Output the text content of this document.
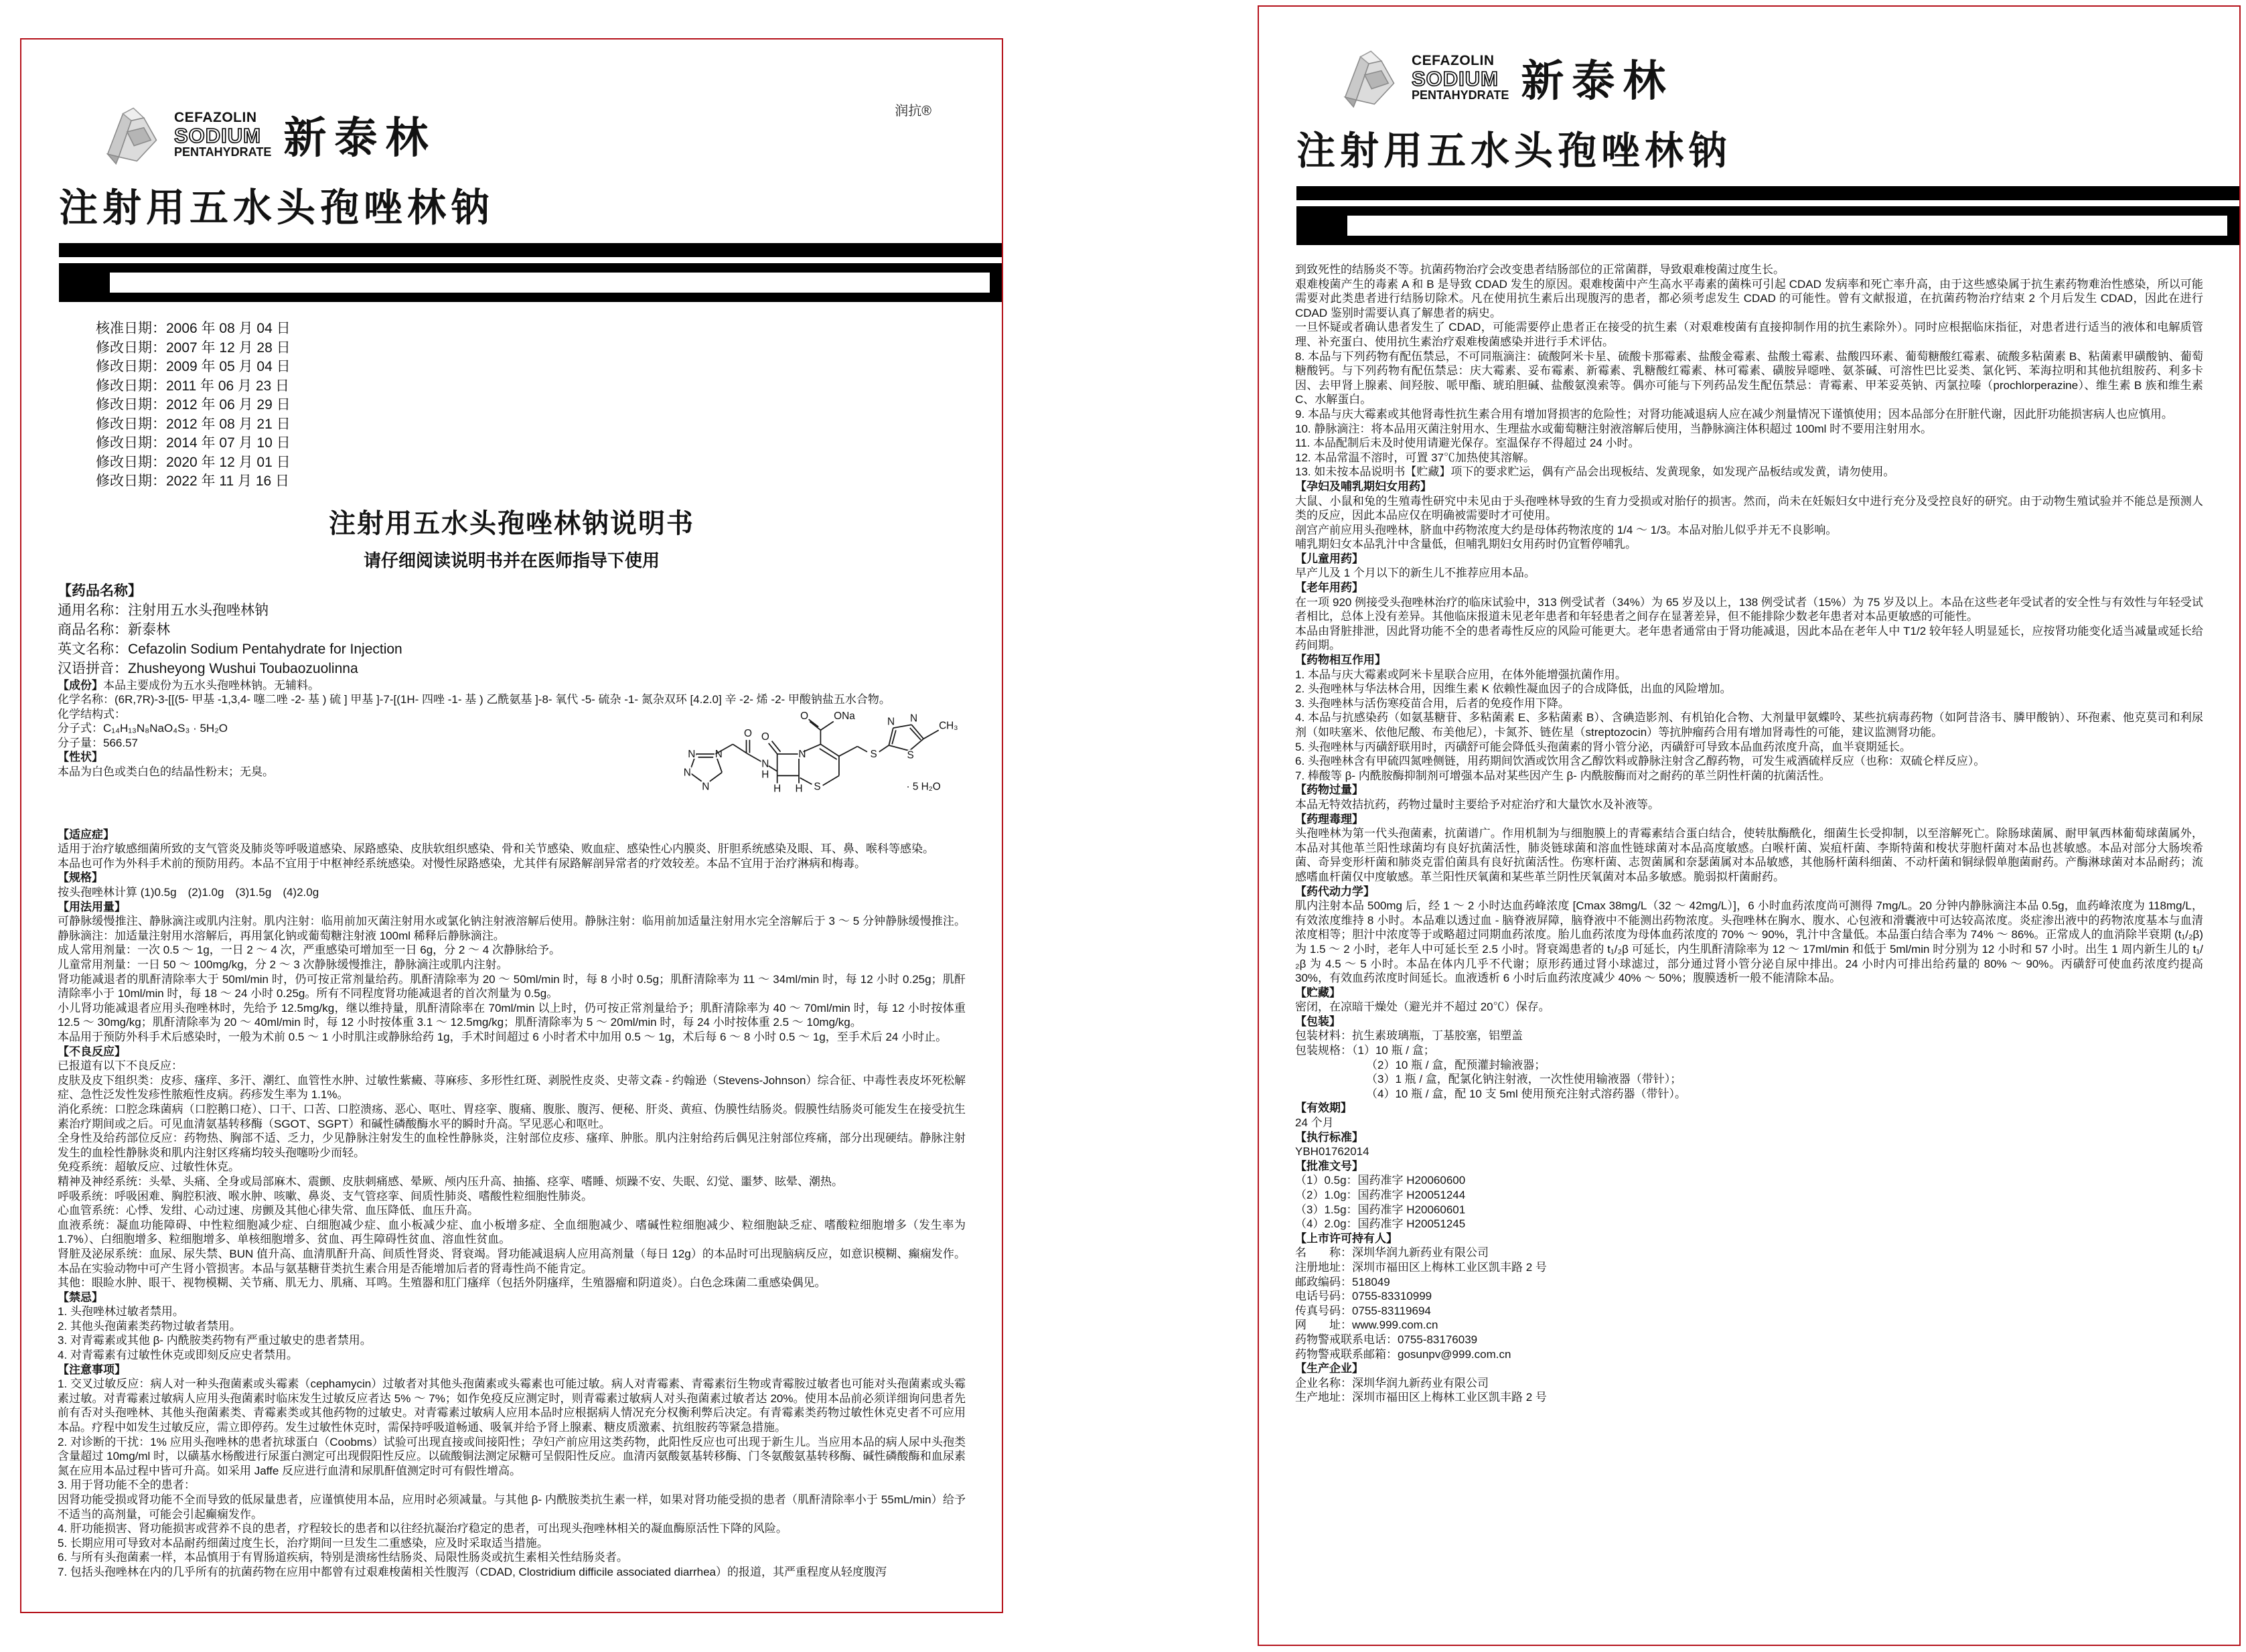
润抗®
CEFAZOLIN
SODIUM
PENTAHYDRATE 新泰林
注射用五水头孢唑林钠
核准日期：2006 年 08 月 04 日
修改日期：2007 年 12 月 28 日
修改日期：2009 年 05 月 04 日
修改日期：2011 年 06 月 23 日
修改日期：2012 年 06 月 29 日
修改日期：2012 年 08 月 21 日
修改日期：2014 年 07 月 10 日
修改日期：2020 年 12 月 01 日
修改日期：2022 年 11 月 16 日
注射用五水头孢唑林钠说明书
请仔细阅读说明书并在医师指导下使用
【药品名称】
通用名称：注射用五水头孢唑林钠
商品名称：新泰林
英文名称：Cefazolin Sodium Pentahydrate for Injection
汉语拼音：Zhusheyong Wushui Toubaozuolinna
【成份】本品主要成份为五水头孢唑林钠。无辅料。
化学名称：(6R,7R)-3-[[(5- 甲基 -1,3,4- 噻二唑 -2- 基 ) 硫 ] 甲基 ]-7-[(1H- 四唑 -1- 基 ) 乙酰氨基 ]-8- 氧代 -5- 硫杂 -1- 氮杂双环 [4.2.0] 辛 -2- 烯 -2- 甲酸钠盐五水合物。
化学结构式：
分子式：C₁₄H₁₃N₈NaO₄S₃ · 5H₂O
分子量：566.57
【性状】
本品为白色或类白色的结晶性粉末；无臭。
N N
N
N
O
N
H
O
N
H H S
O ONa
S
N N
S
CH₃
· 5 H₂O
【适应症】
适用于治疗敏感细菌所致的支气管炎及肺炎等呼吸道感染、尿路感染、皮肤软组织感染、骨和关节感染、败血症、感染性心内膜炎、肝胆系统感染及眼、耳、鼻、喉科等感染。
本品也可作为外科手术前的预防用药。本品不宜用于中枢神经系统感染。对慢性尿路感染，尤其伴有尿路解剖异常者的疗效较差。本品不宜用于治疗淋病和梅毒。
【规格】
按头孢唑林计算 (1)0.5g　(2)1.0g　(3)1.5g　(4)2.0g
【用法用量】
可静脉缓慢推注、静脉滴注或肌内注射。肌内注射：临用前加灭菌注射用水或氯化钠注射液溶解后使用。静脉注射：临用前加适量注射用水完全溶解后于 3 ～ 5 分钟静脉缓慢推注。静脉滴注：加适量注射用水溶解后，再用氯化钠或葡萄糖注射液 100ml 稀释后静脉滴注。
成人常用剂量：一次 0.5 ～ 1g，一日 2 ～ 4 次，严重感染可增加至一日 6g，分 2 ～ 4 次静脉给予。
儿童常用剂量：一日 50 ～ 100mg/kg，分 2 ～ 3 次静脉缓慢推注，静脉滴注或肌内注射。
肾功能减退者的肌酐清除率大于 50ml/min 时，仍可按正常剂量给药。肌酐清除率为 20 ～ 50ml/min 时，每 8 小时 0.5g；肌酐清除率为 11 ～ 34ml/min 时，每 12 小时 0.25g；肌酐清除率小于 10ml/min 时，每 18 ～ 24 小时 0.25g。所有不同程度肾功能减退者的首次剂量为 0.5g。
小儿肾功能减退者应用头孢唑林时，先给予 12.5mg/kg，继以维持量，肌酐清除率在 70ml/min 以上时，仍可按正常剂量给予；肌酐清除率为 40 ～ 70ml/min 时，每 12 小时按体重 12.5 ～ 30mg/kg；肌酐清除率为 20 ～ 40ml/min 时，每 12 小时按体重 3.1 ～ 12.5mg/kg；肌酐清除率为 5 ～ 20ml/min 时，每 24 小时按体重 2.5 ～ 10mg/kg。
本品用于预防外科手术后感染时，一般为术前 0.5 ～ 1 小时肌注或静脉给药 1g，手术时间超过 6 小时者术中加用 0.5 ～ 1g，术后每 6 ～ 8 小时 0.5 ～ 1g，至手术后 24 小时止。
【不良反应】
已报道有以下不良反应：
皮肤及皮下组织类：皮疹、瘙痒、多汗、潮红、血管性水肿、过敏性紫癜、荨麻疹、多形性红斑、剥脱性皮炎、史蒂文森 - 约翰逊（Stevens-Johnson）综合征、中毒性表皮坏死松解症、急性泛发性发疹性脓疱性皮病。药疹发生率为 1.1%。
消化系统：口腔念珠菌病（口腔鹅口疮）、口干、口苦、口腔溃疡、恶心、呕吐、胃痉挛、腹痛、腹胀、腹泻、便秘、肝炎、黄疸、伪膜性结肠炎。假膜性结肠炎可能发生在接受抗生素治疗期间或之后。可见血清氨基转移酶（SGOT、SGPT）和碱性磷酸酶水平的瞬时升高。罕见恶心和呕吐。
全身性及给药部位反应：药物热、胸部不适、乏力，少见静脉注射发生的血栓性静脉炎，注射部位皮疹、瘙痒、肿胀。肌内注射给药后偶见注射部位疼痛，部分出现硬结。静脉注射发生的血栓性静脉炎和肌内注射区疼痛均较头孢噻吩少而轻。
免疫系统：超敏反应、过敏性休克。
精神及神经系统：头晕、头痛、全身或局部麻木、震颤、皮肤刺痛感、晕厥、颅内压升高、抽搐、痉挛、嗜睡、烦躁不安、失眠、幻觉、噩梦、眩晕、潮热。
呼吸系统：呼吸困难、胸腔积液、喉水肿、咳嗽、鼻炎、支气管痉挛、间质性肺炎、嗜酸性粒细胞性肺炎。
心血管系统：心悸、发绀、心动过速、房颤及其他心律失常、血压降低、血压升高。
血液系统：凝血功能障碍、中性粒细胞减少症、白细胞减少症、血小板减少症、血小板增多症、全血细胞减少、嗜碱性粒细胞减少、粒细胞缺乏症、嗜酸粒细胞增多（发生率为 1.7%）、白细胞增多、粒细胞增多、单核细胞增多、贫血、再生障碍性贫血、溶血性贫血。
肾脏及泌尿系统：血尿、尿失禁、BUN 值升高、血清肌酐升高、间质性肾炎、肾衰竭。肾功能减退病人应用高剂量（每日 12g）的本品时可出现脑病反应，如意识模糊、癫痫发作。本品在实验动物中可产生肾小管损害。本品与氨基糖苷类抗生素合用是否能增加后者的肾毒性尚不能肯定。
其他：眼睑水肿、眼干、视物模糊、关节痛、肌无力、肌痛、耳鸣。生殖器和肛门瘙痒（包括外阴瘙痒，生殖器瘤和阴道炎）。白色念珠菌二重感染偶见。
【禁忌】
1. 头孢唑林过敏者禁用。
2. 其他头孢菌素类药物过敏者禁用。
3. 对青霉素或其他 β- 内酰胺类药物有严重过敏史的患者禁用。
4. 对青霉素有过敏性休克或即刻反应史者禁用。
【注意事项】
1. 交叉过敏反应：病人对一种头孢菌素或头霉素（cephamycin）过敏者对其他头孢菌素或头霉素也可能过敏。病人对青霉素、青霉素衍生物或青霉胺过敏者也可能对头孢菌素或头霉素过敏。对青霉素过敏病人应用头孢菌素时临床发生过敏反应者达 5% ～ 7%；如作免疫反应测定时，则青霉素过敏病人对头孢菌素过敏者达 20%。使用本品前必须详细询问患者先前有否对头孢唑林、其他头孢菌素类、青霉素类或其他药物的过敏史。对青霉素过敏病人应用本品时应根据病人情况充分权衡利弊后决定。有青霉素类药物过敏性休克史者不可应用本品。疗程中如发生过敏反应，需立即停药。发生过敏性休克时，需保持呼吸道畅通、吸氧并给予肾上腺素、糖皮质激素、抗组胺药等紧急措施。
2. 对诊断的干扰：1% 应用头孢唑林的患者抗球蛋白（Coobms）试验可出现直接或间接阳性；孕妇产前应用这类药物，此阳性反应也可出现于新生儿。当应用本品的病人尿中头孢类含量超过 10mg/ml 时，以磺基水杨酸进行尿蛋白测定可出现假阳性反应。以硫酸铜法测定尿糖可呈假阳性反应。血清丙氨酸氨基转移酶、门冬氨酸氨基转移酶、碱性磷酸酶和血尿素氮在应用本品过程中皆可升高。如采用 Jaffe 反应进行血清和尿肌酐值测定时可有假性增高。
3. 用于肾功能不全的患者：
因肾功能受损或肾功能不全而导致的低尿量患者，应谨慎使用本品，应用时必须减量。与其他 β- 内酰胺类抗生素一样，如果对肾功能受损的患者（肌酐清除率小于 55mL/min）给予不适当的高剂量，可能会引起癫痫发作。
4. 肝功能损害、肾功能损害或营养不良的患者，疗程较长的患者和以往经抗凝治疗稳定的患者，可出现头孢唑林相关的凝血酶原活性下降的风险。
5. 长期应用可导致对本品耐药细菌过度生长，治疗期间一旦发生二重感染，应及时采取适当措施。
6. 与所有头孢菌素一样，本品慎用于有胃肠道疾病，特别是溃疡性结肠炎、局限性肠炎或抗生素相关性结肠炎者。
7. 包括头孢唑林在内的几乎所有的抗菌药物在应用中都曾有过艰难梭菌相关性腹泻（CDAD, Clostridium difficile associated diarrhea）的报道，其严重程度从轻度腹泻
CEFAZOLIN
SODIUM
PENTAHYDRATE 新泰林
注射用五水头孢唑林钠
到致死性的结肠炎不等。抗菌药物治疗会改变患者结肠部位的正常菌群，导致艰难梭菌过度生长。
艰难梭菌产生的毒素 A 和 B 是导致 CDAD 发生的原因。艰难梭菌中产生高水平毒素的菌株可引起 CDAD 发病率和死亡率升高，由于这些感染属于抗生素药物难治性感染，所以可能需要对此类患者进行结肠切除术。凡在使用抗生素后出现腹泻的患者，都必须考虑发生 CDAD 的可能性。曾有文献报道，在抗菌药物治疗结束 2 个月后发生 CDAD，因此在进行 CDAD 鉴别时需要认真了解患者的病史。
一旦怀疑或者确认患者发生了 CDAD，可能需要停止患者正在接受的抗生素（对艰难梭菌有直接抑制作用的抗生素除外）。同时应根据临床指征，对患者进行适当的液体和电解质管理、补充蛋白、使用抗生素治疗艰难梭菌感染并进行手术评估。
8. 本品与下列药物有配伍禁忌，不可同瓶滴注：硫酸阿米卡星、硫酸卡那霉素、盐酸金霉素、盐酸土霉素、盐酸四环素、葡萄糖酸红霉素、硫酸多粘菌素 B、粘菌素甲磺酸钠、葡萄糖酸钙。与下列药物有配伍禁忌：庆大霉素、妥布霉素、新霉素、乳糖酸红霉素、林可霉素、磺胺异噁唑、氨茶碱、可溶性巴比妥类、氯化钙、苯海拉明和其他抗组胺药、利多卡因、去甲肾上腺素、间羟胺、哌甲酯、琥珀胆碱、盐酸氨溴索等。偶亦可能与下列药品发生配伍禁忌：青霉素、甲苯妥英钠、丙氯拉嗪（prochlorperazine）、维生素 B 族和维生素 C、水解蛋白。
9. 本品与庆大霉素或其他肾毒性抗生素合用有增加肾损害的危险性；对肾功能减退病人应在减少剂量情况下谨慎使用；因本品部分在肝脏代谢，因此肝功能损害病人也应慎用。
10. 静脉滴注：将本品用灭菌注射用水、生理盐水或葡萄糖注射液溶解后使用，当静脉滴注体积超过 100ml 时不要用注射用水。
11. 本品配制后未及时使用请避光保存。室温保存不得超过 24 小时。
12. 本品常温不溶时，可置 37℃加热使其溶解。
13. 如未按本品说明书【贮藏】项下的要求贮运，偶有产品会出现板结、发黄现象，如发现产品板结或发黄，请勿使用。
【孕妇及哺乳期妇女用药】
大鼠、小鼠和兔的生殖毒性研究中未见由于头孢唑林导致的生育力受损或对胎仔的损害。然而，尚未在妊娠妇女中进行充分及受控良好的研究。由于动物生殖试验并不能总是预测人类的反应，因此本品应仅在明确被需要时才可使用。
剖宫产前应用头孢唑林，脐血中药物浓度大约是母体药物浓度的 1/4 ～ 1/3。本品对胎儿似乎并无不良影响。
哺乳期妇女本品乳汁中含量低，但哺乳期妇女用药时仍宜暂停哺乳。
【儿童用药】
早产儿及 1 个月以下的新生儿不推荐应用本品。
【老年用药】
在一项 920 例接受头孢唑林治疗的临床试验中，313 例受试者（34%）为 65 岁及以上，138 例受试者（15%）为 75 岁及以上。本品在这些老年受试者的安全性与有效性与年轻受试者相比，总体上没有差异。其他临床报道未见老年患者和年轻患者之间存在显著差异，但不能排除少数老年患者对本品更敏感的可能性。
本品由肾脏排泄，因此肾功能不全的患者毒性反应的风险可能更大。老年患者通常由于肾功能减退，因此本品在老年人中 T1/2 较年轻人明显延长，应按肾功能变化适当减量或延长给药间期。
【药物相互作用】
1. 本品与庆大霉素或阿米卡星联合应用，在体外能增强抗菌作用。
2. 头孢唑林与华法林合用，因维生素 K 依赖性凝血因子的合成降低，出血的风险增加。
3. 头孢唑林与活伤寒疫苗合用，后者的免疫作用下降。
4. 本品与抗感染药（如氨基糖苷、多粘菌素 E、多粘菌素 B）、含碘造影剂、有机铂化合物、大剂量甲氨蝶呤、某些抗病毒药物（如阿昔洛韦、膦甲酸钠）、环孢素、他克莫司和利尿剂（如呋塞米、依他尼酸、布美他尼），卡氮芥、链佐星（streptozocin）等抗肿瘤药合用有增加肾毒性的可能，建议监测肾功能。
5. 头孢唑林与丙磺舒联用时，丙磺舒可能会降低头孢菌素的肾小管分泌，丙磺舒可导致本品血药浓度升高，血半衰期延长。
6. 头孢唑林含有甲硫四氮唑侧链，用药期间饮酒或饮用含乙醇饮料或静脉注射含乙醇药物，可发生戒酒硫样反应（也称：双硫仑样反应）。
7. 棒酸等 β- 内酰胺酶抑制剂可增强本品对某些因产生 β- 内酰胺酶而对之耐药的革兰阴性杆菌的抗菌活性。
【药物过量】
本品无特效拮抗药，药物过量时主要给予对症治疗和大量饮水及补液等。
【药理毒理】
头孢唑林为第一代头孢菌素，抗菌谱广。作用机制为与细胞膜上的青霉素结合蛋白结合，使转肽酶酰化，细菌生长受抑制，以至溶解死亡。除肠球菌属、耐甲氧西林葡萄球菌属外，本品对其他革兰阳性球菌均有良好抗菌活性，肺炎链球菌和溶血性链球菌对本品高度敏感。白喉杆菌、炭疽杆菌、李斯特菌和梭状芽胞杆菌对本品也甚敏感。本品对部分大肠埃希菌、奇异变形杆菌和肺炎克雷伯菌具有良好抗菌活性。伤寒杆菌、志贺菌属和奈瑟菌属对本品敏感，其他肠杆菌科细菌、不动杆菌和铜绿假单胞菌耐药。产酶淋球菌对本品耐药；流感嗜血杆菌仅中度敏感。革兰阳性厌氧菌和某些革兰阴性厌氧菌对本品多敏感。脆弱拟杆菌耐药。
【药代动力学】
肌内注射本品 500mg 后，经 1 ～ 2 小时达血药峰浓度 [Cmax 38mg/L（32 ～ 42mg/L）]，6 小时血药浓度尚可测得 7mg/L。20 分钟内静脉滴注本品 0.5g，血药峰浓度为 118mg/L，有效浓度维持 8 小时。本品难以透过血 - 脑脊液屏障，脑脊液中不能测出药物浓度。头孢唑林在胸水、腹水、心包液和滑囊液中可达较高浓度。炎症渗出液中的药物浓度基本与血清浓度相等；胆汁中浓度等于或略超过同期血药浓度。胎儿血药浓度为母体血药浓度的 70% ～ 90%，乳汁中含量低。本品蛋白结合率为 74% ～ 86%。正常成人的血消除半衰期 (t₁/₂β) 为 1.5 ～ 2 小时，老年人中可延长至 2.5 小时。肾衰竭患者的 t₁/₂β 可延长，内生肌酐清除率为 12 ～ 17ml/min 和低于 5ml/min 时分别为 12 小时和 57 小时。出生 1 周内新生儿的 t₁/₂β 为 4.5 ～ 5 小时。本品在体内几乎不代谢；原形药通过肾小球滤过，部分通过肾小管分泌自尿中排出。24 小时内可排出给药量的 80% ～ 90%。丙磺舒可使血药浓度约提高 30%，有效血药浓度时间延长。血液透析 6 小时后血药浓度减少 40% ～ 50%；腹膜透析一般不能清除本品。
【贮藏】
密闭，在凉暗干燥处（避光并不超过 20℃）保存。
【包装】
包装材料：抗生素玻璃瓶，丁基胶塞，铝塑盖
包装规格：（1）10 瓶 / 盒；
（2）10 瓶 / 盒，配预灌封输液器；
（3）1 瓶 / 盒，配氯化钠注射液，一次性使用输液器（带针）；
（4）10 瓶 / 盒，配 10 支 5ml 使用预充注射式溶药器（带针）。
【有效期】
24 个月
【执行标准】
YBH01762014
【批准文号】
（1）0.5g：国药准字 H20060600
（2）1.0g：国药准字 H20051244
（3）1.5g：国药准字 H20060601
（4）2.0g：国药准字 H20051245
【上市许可持有人】
名　　称：深圳华润九新药业有限公司
注册地址：深圳市福田区上梅林工业区凯丰路 2 号
邮政编码：518049
电话号码：0755-83310999
传真号码：0755-83119694
网　　址：www.999.com.cn
药物警戒联系电话：0755-83176039
药物警戒联系邮箱：gosunpv@999.com.cn
【生产企业】
企业名称：深圳华润九新药业有限公司
生产地址：深圳市福田区上梅林工业区凯丰路 2 号
